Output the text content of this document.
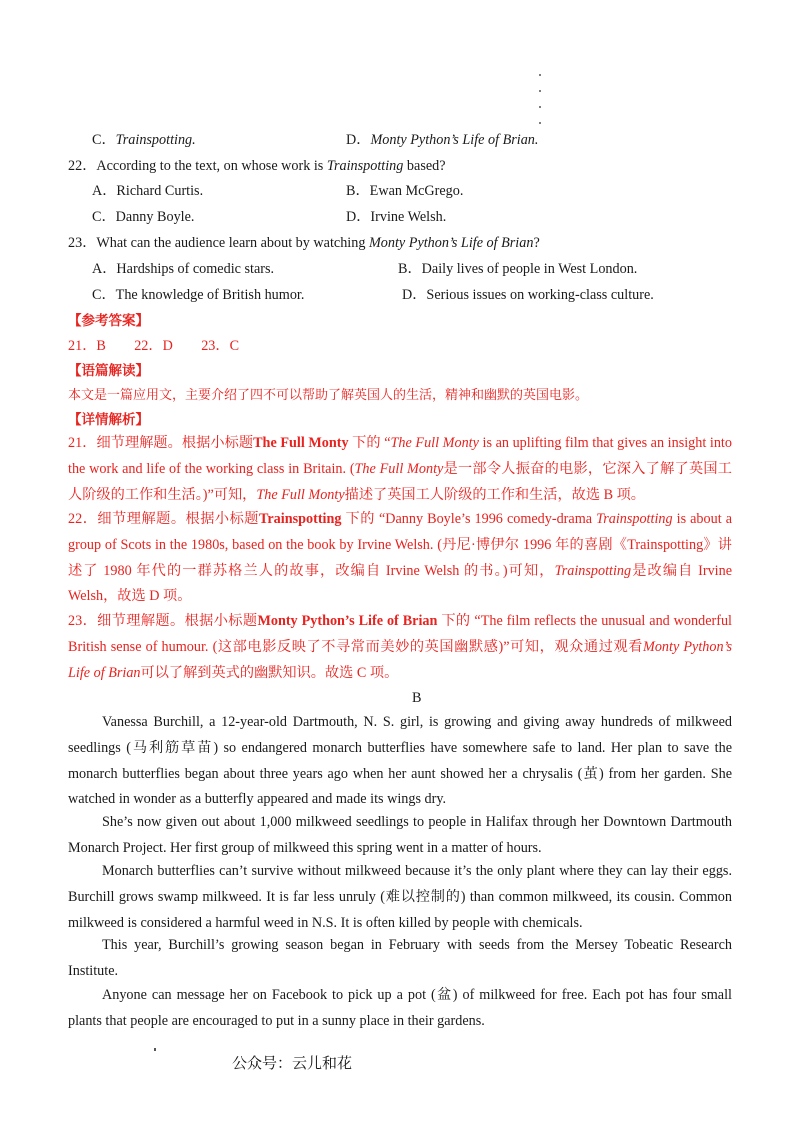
C．Trainspotting.	D．Monty Python’s Life of Brian.
22．According to the text, on whose work is Trainspotting based?
A．Richard Curtis.	B．Ewan McGrego.
C．Danny Boyle.	D．Irvine Welsh.
23．What can the audience learn about by watching Monty Python’s Life of Brian?
A．Hardships of comedic stars.	B．Daily lives of people in West London.
C．The knowledge of British humor.	D．Serious issues on working-class culture.
【参考答案】
21．B　　22．D　　23．C
【语篇解读】
本文是一篇应用文，主要介绍了四不可以帮助了解英国人的生活，精神和幽默的英国电影。
【详情解析】
21．细节理解题。根据小标题The Full Monty 下的 “The Full Monty is an uplifting film that gives an insight into the work and life of the working class in Britain. (The Full Monty是一部令人振奋的电影，它深入了解了英国工人阶级的工作和生活。)”可知，The Full Monty描述了英国工人阶级的工作和生活，故选 B 项。
22．细节理解题。根据小标题Trainspotting 下的 “Danny Boyle’s 1996 comedy-drama Trainspotting is about a group of Scots in the 1980s, based on the book by Irvine Welsh. (丹尼·博伊尔 1996 年的喜剧《Trainspotting》讲述了 1980 年代的一群苏格兰人的故事，改编自 Irvine Welsh 的书。)可知，Trainspotting是改编自 Irvine Welsh，故选 D 项。
23．细节理解题。根据小标题Monty Python’s Life of Brian 下的 “The film reflects the unusual and wonderful British sense of humour. (这部电影反映了不寻常而美妙的英国幽默感)”可知，观众通过观看Monty Python’s Life of Brian可以了解到英式的幽默知识。故选 C 项。
B
Vanessa Burchill, a 12-year-old Dartmouth, N. S. girl, is growing and giving away hundreds of milkweed seedlings (马利筋草苗) so endangered monarch butterflies have somewhere safe to land. Her plan to save the monarch butterflies began about three years ago when her aunt showed her a chrysalis (茧) from her garden. She watched in wonder as a butterfly appeared and made its wings dry.
She’s now given out about 1,000 milkweed seedlings to people in Halifax through her Downtown Dartmouth Monarch Project. Her first group of milkweed this spring went in a matter of hours.
Monarch butterflies can’t survive without milkweed because it’s the only plant where they can lay their eggs. Burchill grows swamp milkweed. It is far less unruly (难以控制的) than common milkweed, its cousin. Common milkweed is considered a harmful weed in N.S. It is often killed by people with chemicals.
This year, Burchill’s growing season began in February with seeds from the Mersey Tobeatic Research Institute.
Anyone can message her on Facebook to pick up a pot (盆) of milkweed for free. Each pot has four small plants that people are encouraged to put in a sunny place in their gardens.
公众号：云儿和花
